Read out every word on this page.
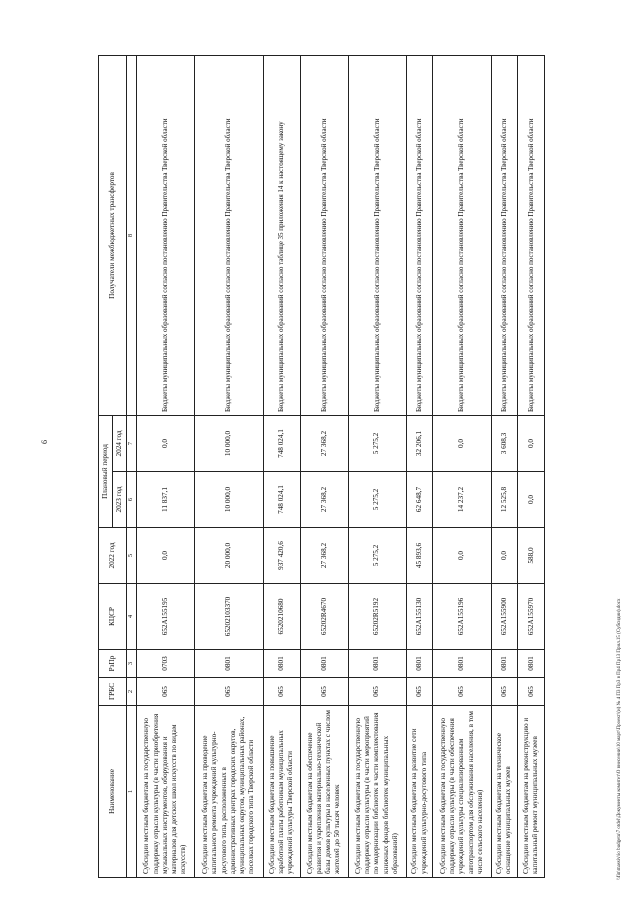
6
Наименование	ГРБС	РзПр	КЦСР	2022 год	Плановый период		Получатели межбюджетных трансфертов
					2023 год	2024 год	
1	2	3	4	5	6	7	8
Субсидии местным бюджетам на государственную поддержку отрасли культуры (в части приобретения музыкальных инструментов, оборудования и материалов для детских школ искусств по видам искусств)	065	0703	652A155195	0,0	11 837,1	0,0	Бюджеты муниципальных образований согласно постановлению Правительства Тверской области
Субсидии местным бюджетам на проведение капитального ремонта учреждений культурно-досугового типа, расположенных в административных центрах городских округов, муниципальных округов, муниципальных районах, поселках городского типа Тверской области	065	0801	65202103370	20 000,0	10 000,0	10 000,0	Бюджеты муниципальных образований согласно постановлению Правительства Тверской области
Субсидии местным бюджетам на повышение заработной платы работникам муниципальных учреждений культуры Тверской области	065	0801	6520210680	937 420,6	748 024,1	748 024,1	Бюджеты муниципальных образований согласно таблице 35 приложения 14 к настоящему закону
Субсидии местным бюджетам на обеспечение развития и укрепления материально-технической базы домов культуры в населенных пунктах с числом жителей до 50 тысяч человек	065	0801	65202R4670	27 368,2	27 368,2	27 368,2	Бюджеты муниципальных образований согласно постановлению Правительства Тверской области
Субсидии местным бюджетам на государственную поддержку отрасли культуры (в части мероприятий по модернизации библиотек в части комплектования книжных фондов библиотек муниципальных образований)	065	0801	65202R5192	5 275,2	5 275,2	5 275,2	Бюджеты муниципальных образований согласно постановлению Правительства Тверской области
Субсидии местным бюджетам на развитие сети учреждений культурно-досугового типа	065	0801	652A155130	45 893,6	62 648,7	32 206,1	Бюджеты муниципальных образований согласно постановлению Правительства Тверской области
Субсидии местным бюджетам на государственную поддержку отрасли культуры (в части обеспечения учреждений культуры специализированным автотранспортом для обслуживания населения, в том числе сельского населения)	065	0801	652A155196	0,0	14 237,2	0,0	Бюджеты муниципальных образований согласно постановлению Правительства Тверской области
Субсидии местным бюджетам на техническое оснащение муниципальных музеев	065	0801	652A155900	0,0	12 525,8	3 608,3	Бюджеты муниципальных образований согласно постановлению Правительства Тверской области
Субсидии местным бюджетам на реконструкцию и капитальный ремонт муниципальных музеев	065	0801	652A155970	588,0	0,0	0,0	Бюджеты муниципальных образований согласно постановлению Правительства Тверской области
\\fin\massiv\io budgetu\7 otdel\Документы комитет\О внесении\10 март\Проект\(и) № 4 П3 Пр3 в Пр4 Пр13 Прил.15 (Субсидии).docx
